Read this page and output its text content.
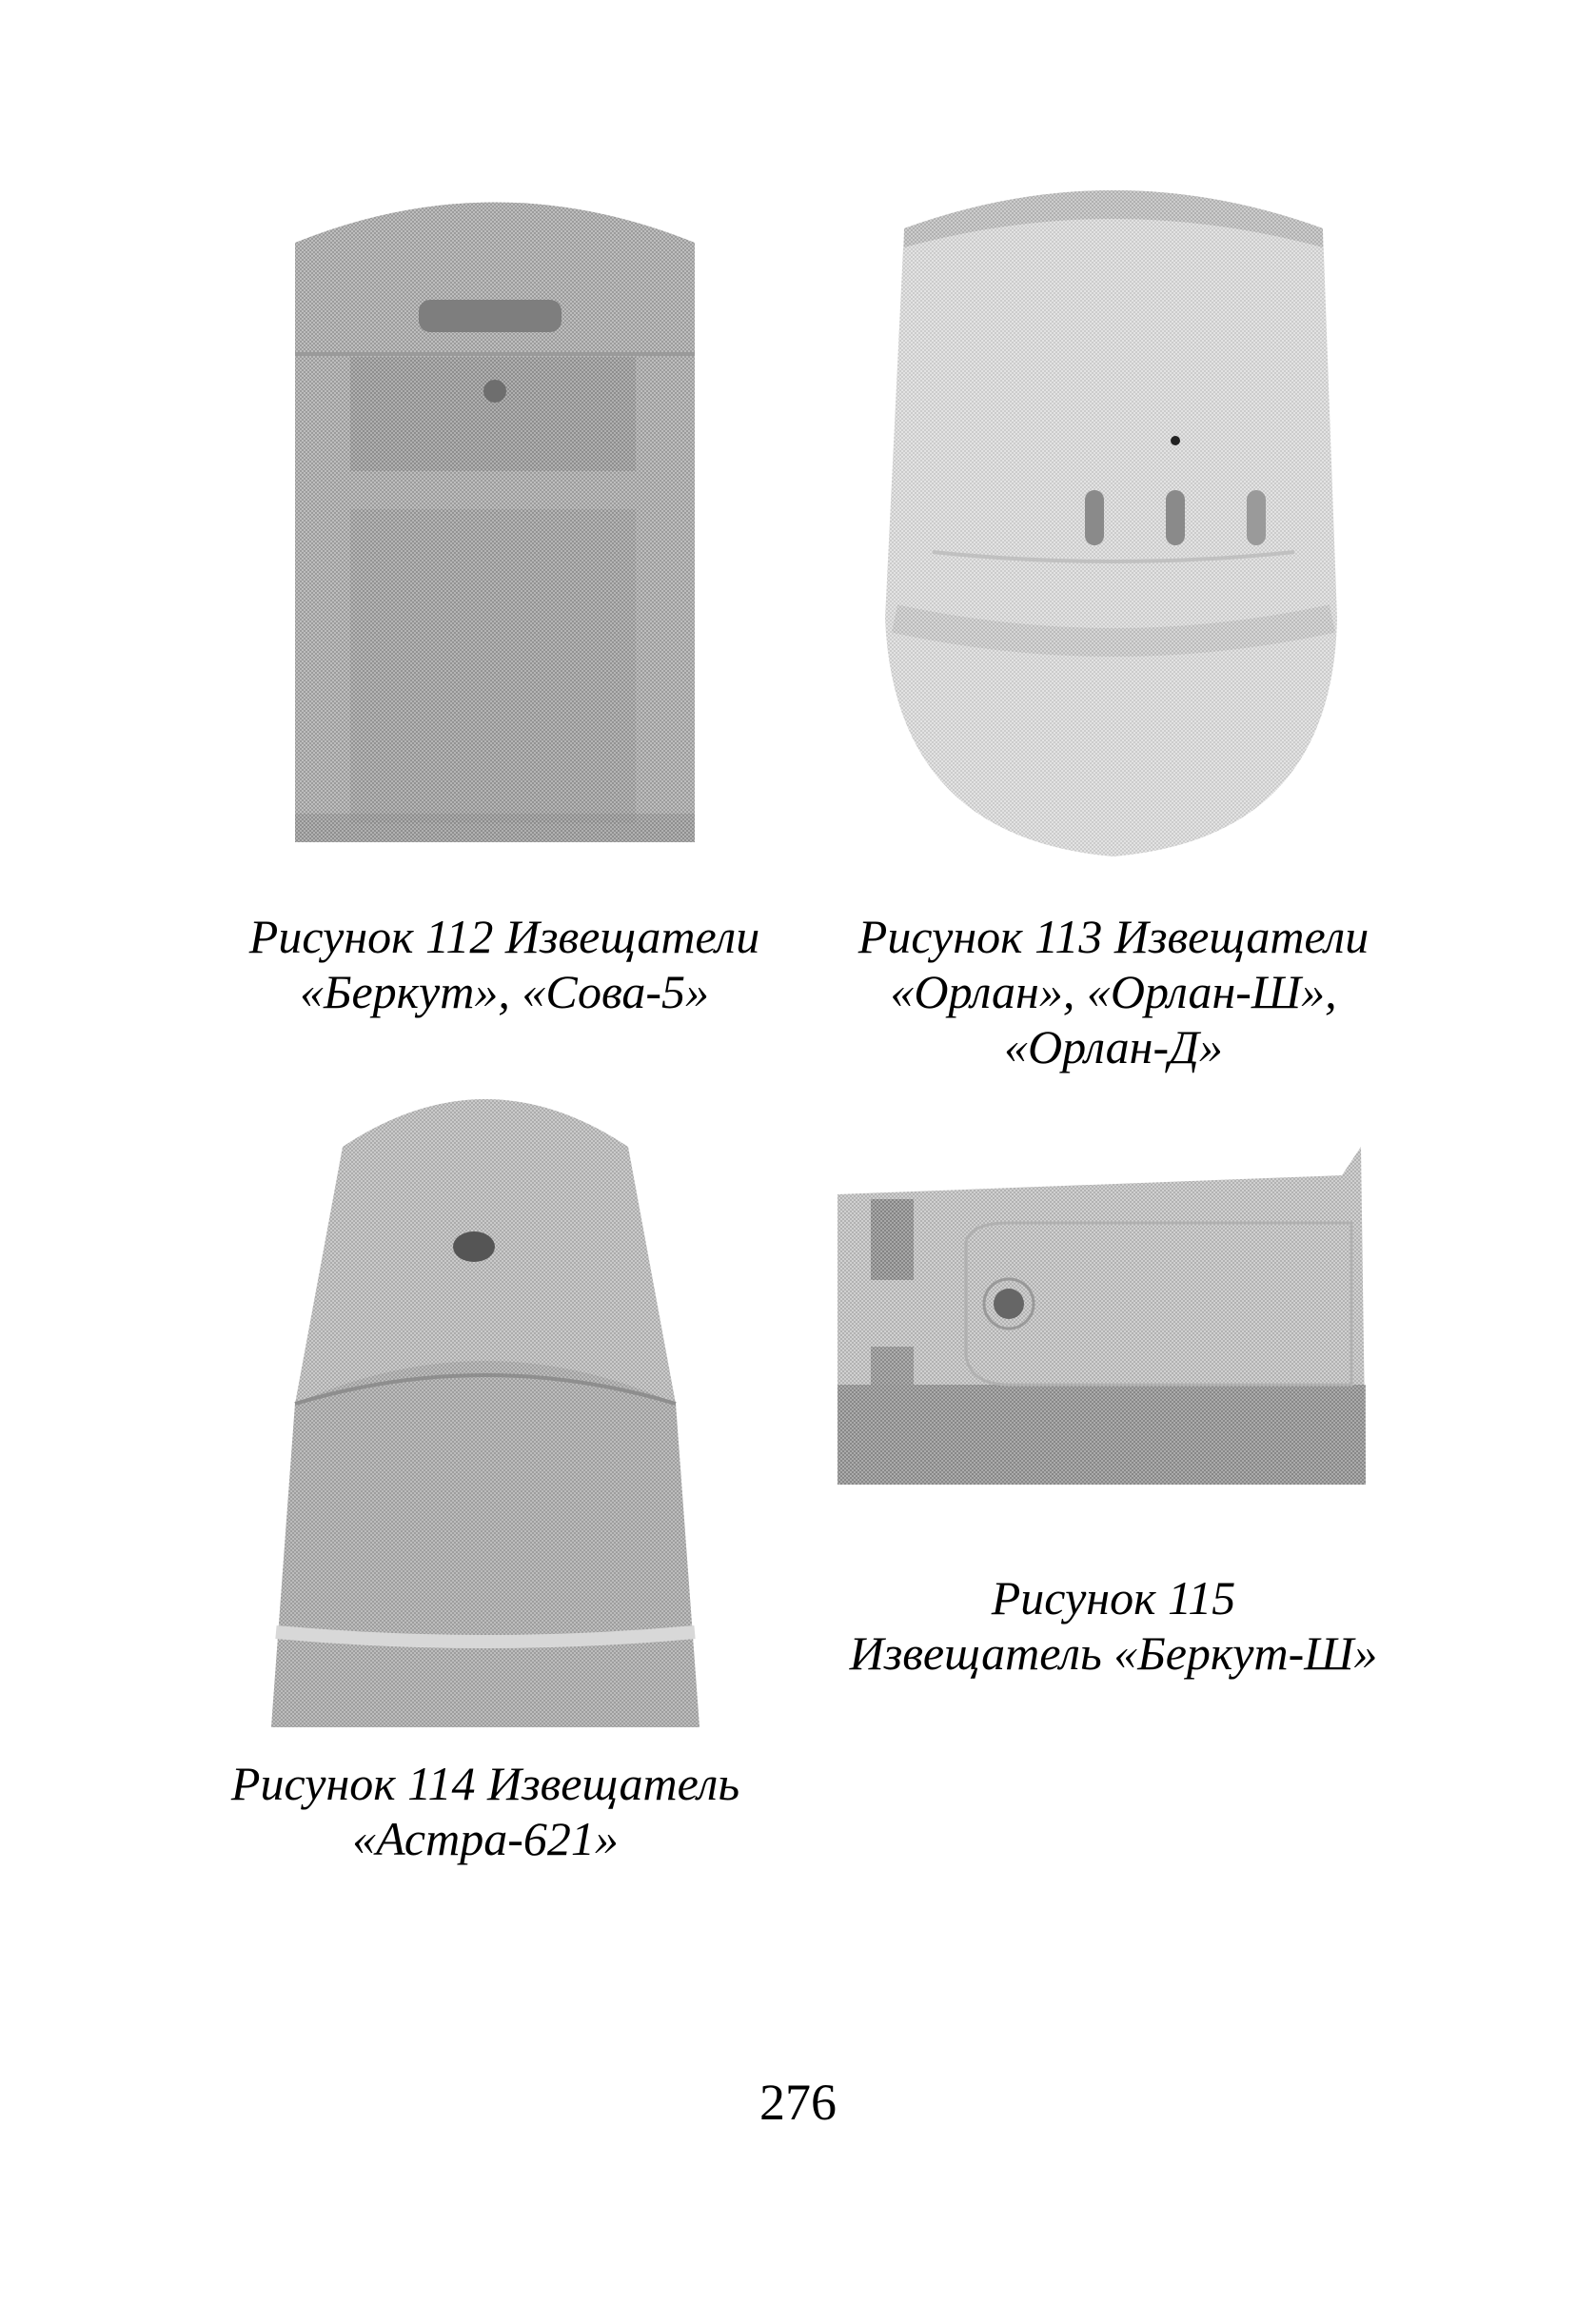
Рисунок 112 Извещатели
«Беркут», «Сова-5»
Рисунок 113 Извещатели
«Орлан», «Орлан-Ш»,
«Орлан-Д»
Рисунок 114 Извещатель
«Астра-621»
Рисунок 115
Извещатель «Беркут-Ш»
276
